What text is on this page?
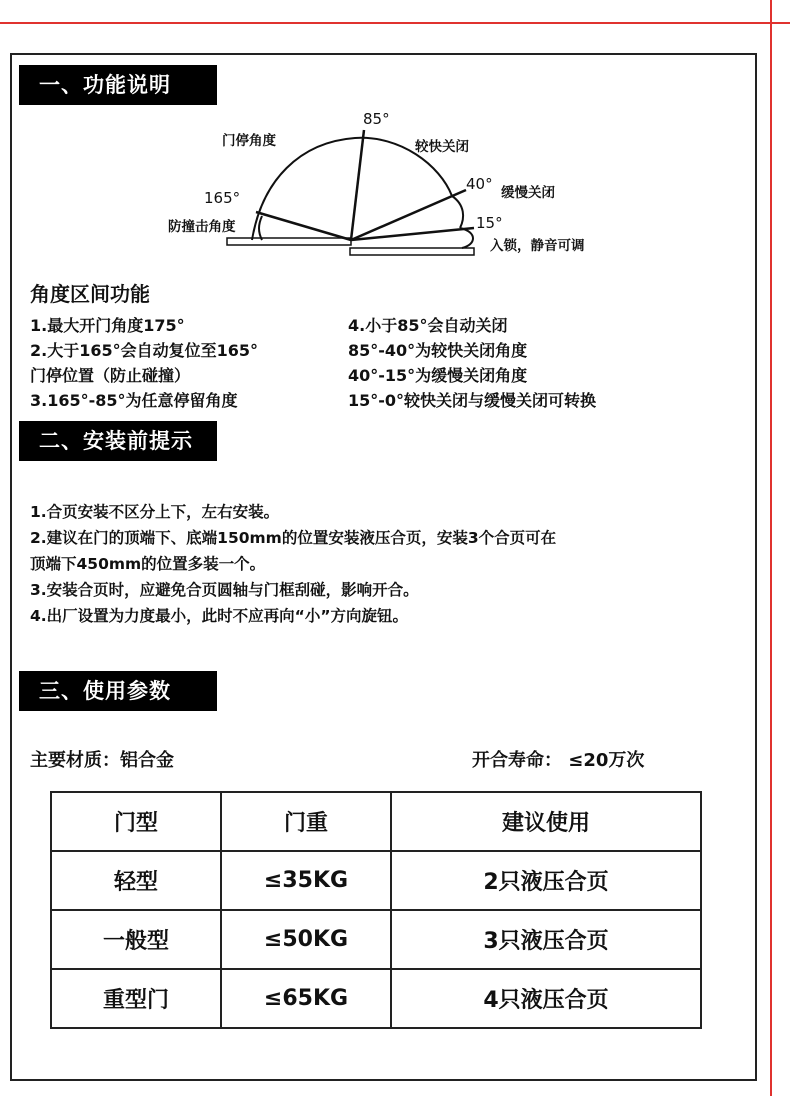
一、功能说明
门停角度
85°
较快关闭
40° 缓慢关闭
165°
防撞击角度	15°
入锁，静音可调
角度区间功能
1.最大开门角度175°
2.大于165°会自动复位至165°
门停位置（防止碰撞）
3.165°-85°为任意停留角度
4.小于85°会自动关闭
85°-40°为较快关闭角度
40°-15°为缓慢关闭角度
15°-0°较快关闭与缓慢关闭可转换
二、安装前提示
1.合页安装不区分上下，左右安装。
2.建议在门的顶端下、底端150mm的位置安装液压合页，安装3个合页可在
顶端下450mm的位置多装一个。
3.安装合页时，应避免合页圆轴与门框刮碰，影响开合。
4.出厂设置为力度最小，此时不应再向“小”方向旋钮。
三、使用参数
主要材质：铝合金	开合寿命： ≤20万次
门型	门重	建议使用
轻型	≤35KG	2只液压合页
一般型	≤50KG	3只液压合页
重型门	≤65KG	4只液压合页
